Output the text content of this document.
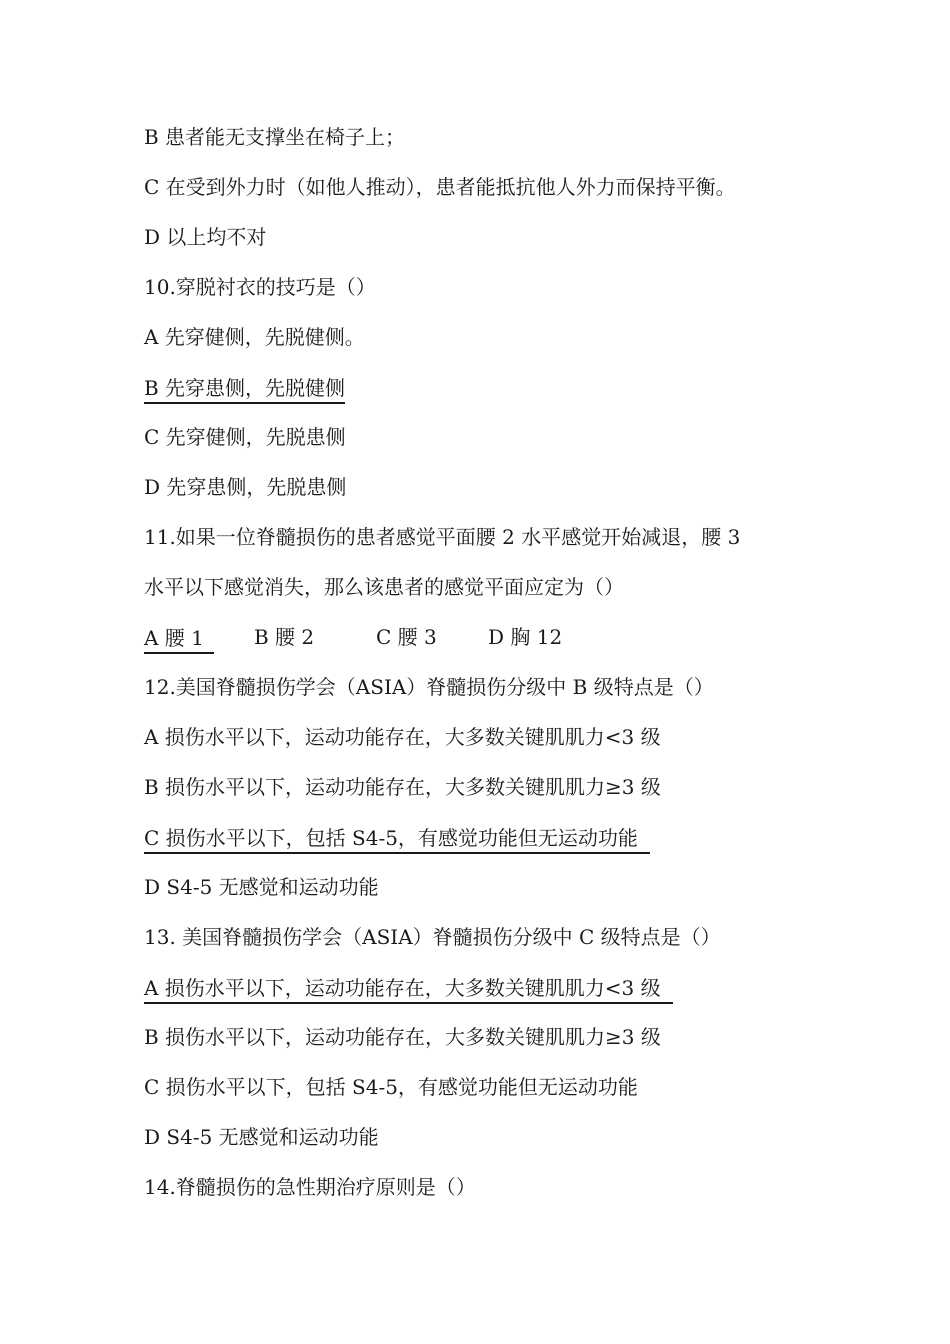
B 患者能无支撑坐在椅子上；
C 在受到外力时（如他人推动），患者能抵抗他人外力而保持平衡。
D 以上均不对
10.穿脱衬衣的技巧是（）
A 先穿健侧，先脱健侧。
B 先穿患侧，先脱健侧
C 先穿健侧，先脱患侧
D 先穿患侧，先脱患侧
11.如果一位脊髓损伤的患者感觉平面腰 2 水平感觉开始减退，腰 3
水平以下感觉消失，那么该患者的感觉平面应定为（）
A 腰 1	B 腰 2	C 腰 3	D 胸 12
12.美国脊髓损伤学会（ASIA）脊髓损伤分级中 B 级特点是（）
A 损伤水平以下，运动功能存在，大多数关键肌肌力<3 级
B 损伤水平以下，运动功能存在，大多数关键肌肌力≥3 级
C 损伤水平以下，包括 S4-5，有感觉功能但无运动功能
D S4-5 无感觉和运动功能
13. 美国脊髓损伤学会（ASIA）脊髓损伤分级中 C 级特点是（）
A 损伤水平以下，运动功能存在，大多数关键肌肌力<3 级
B 损伤水平以下，运动功能存在，大多数关键肌肌力≥3 级
C 损伤水平以下，包括 S4-5，有感觉功能但无运动功能
D S4-5 无感觉和运动功能
14.脊髓损伤的急性期治疗原则是（）
